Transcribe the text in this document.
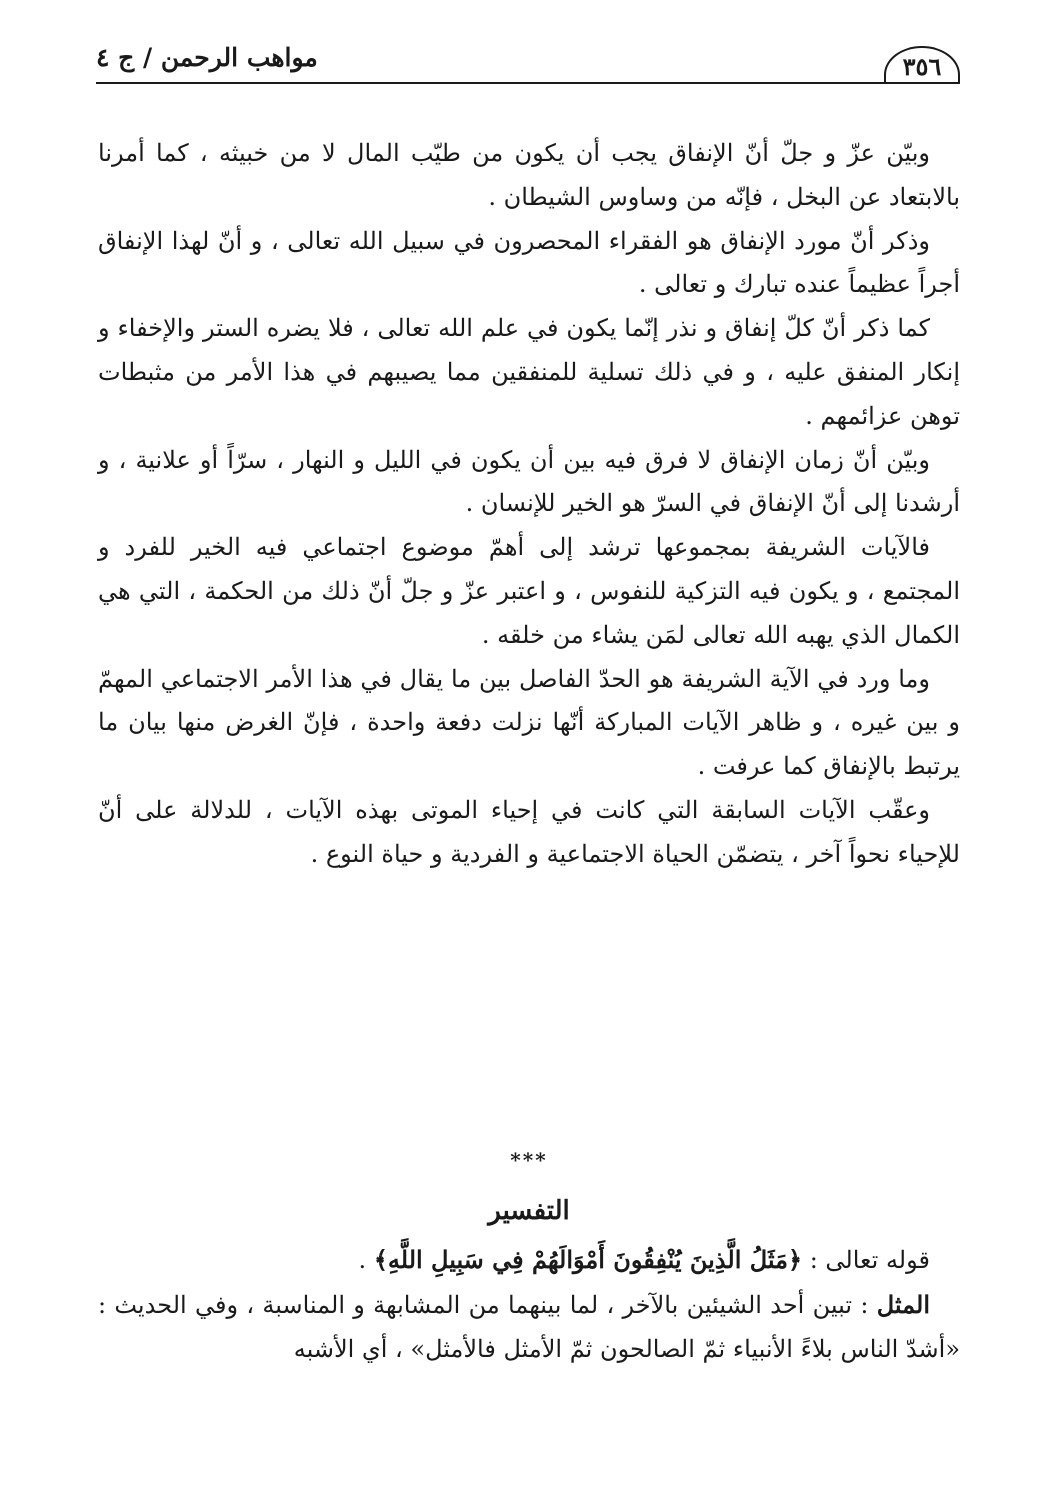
مواهب الرحمن / ج ٤	٣٥٦

وبيّن عزّ و جلّ أنّ الإنفاق يجب أن يكون من طيّب المال لا من خبيثه ، كما أمرنا بالابتعاد عن البخل ، فإنّه من وساوس الشيطان .

وذكر أنّ مورد الإنفاق هو الفقراء المحصرون في سبيل الله تعالى ، و أنّ لهذا الإنفاق أجراً عظيماً عنده تبارك و تعالى .

كما ذكر أنّ كلّ إنفاق و نذر إنّما يكون في علم الله تعالى ، فلا يضره الستر والإخفاء و إنكار المنفق عليه ، و في ذلك تسلية للمنفقين مما يصيبهم في هذا الأمر من مثبطات توهن عزائمهم .

وبيّن أنّ زمان الإنفاق لا فرق فيه بين أن يكون في الليل و النهار ، سرّاً أو علانية ، و أرشدنا إلى أنّ الإنفاق في السرّ هو الخير للإنسان .

فالآيات الشريفة بمجموعها ترشد إلى أهمّ موضوع اجتماعي فيه الخير للفرد و المجتمع ، و يكون فيه التزكية للنفوس ، و اعتبر عزّ و جلّ أنّ ذلك من الحكمة ، التي هي الكمال الذي يهبه الله تعالى لمَن يشاء من خلقه .

وما ورد في الآية الشريفة هو الحدّ الفاصل بين ما يقال في هذا الأمر الاجتماعي المهمّ و بين غيره ، و ظاهر الآيات المباركة أنّها نزلت دفعة واحدة ، فإنّ الغرض منها بيان ما يرتبط بالإنفاق كما عرفت .

وعقّب الآيات السابقة التي كانت في إحياء الموتى بهذه الآيات ، للدلالة على أنّ للإحياء نحواً آخر ، يتضمّن الحياة الاجتماعية و الفردية و حياة النوع .

***
التفسير

قوله تعالى : ﴿مَثَلُ الَّذِينَ يُنْفِقُونَ أَمْوَالَهُمْ فِي سَبِيلِ اللَّهِ﴾ .

المثل : تبين أحد الشيئين بالآخر ، لما بينهما من المشابهة و المناسبة ، وفي الحديث : «أشدّ الناس بلاءً الأنبياء ثمّ الصالحون ثمّ الأمثل فالأمثل» ، أي الأشبه
